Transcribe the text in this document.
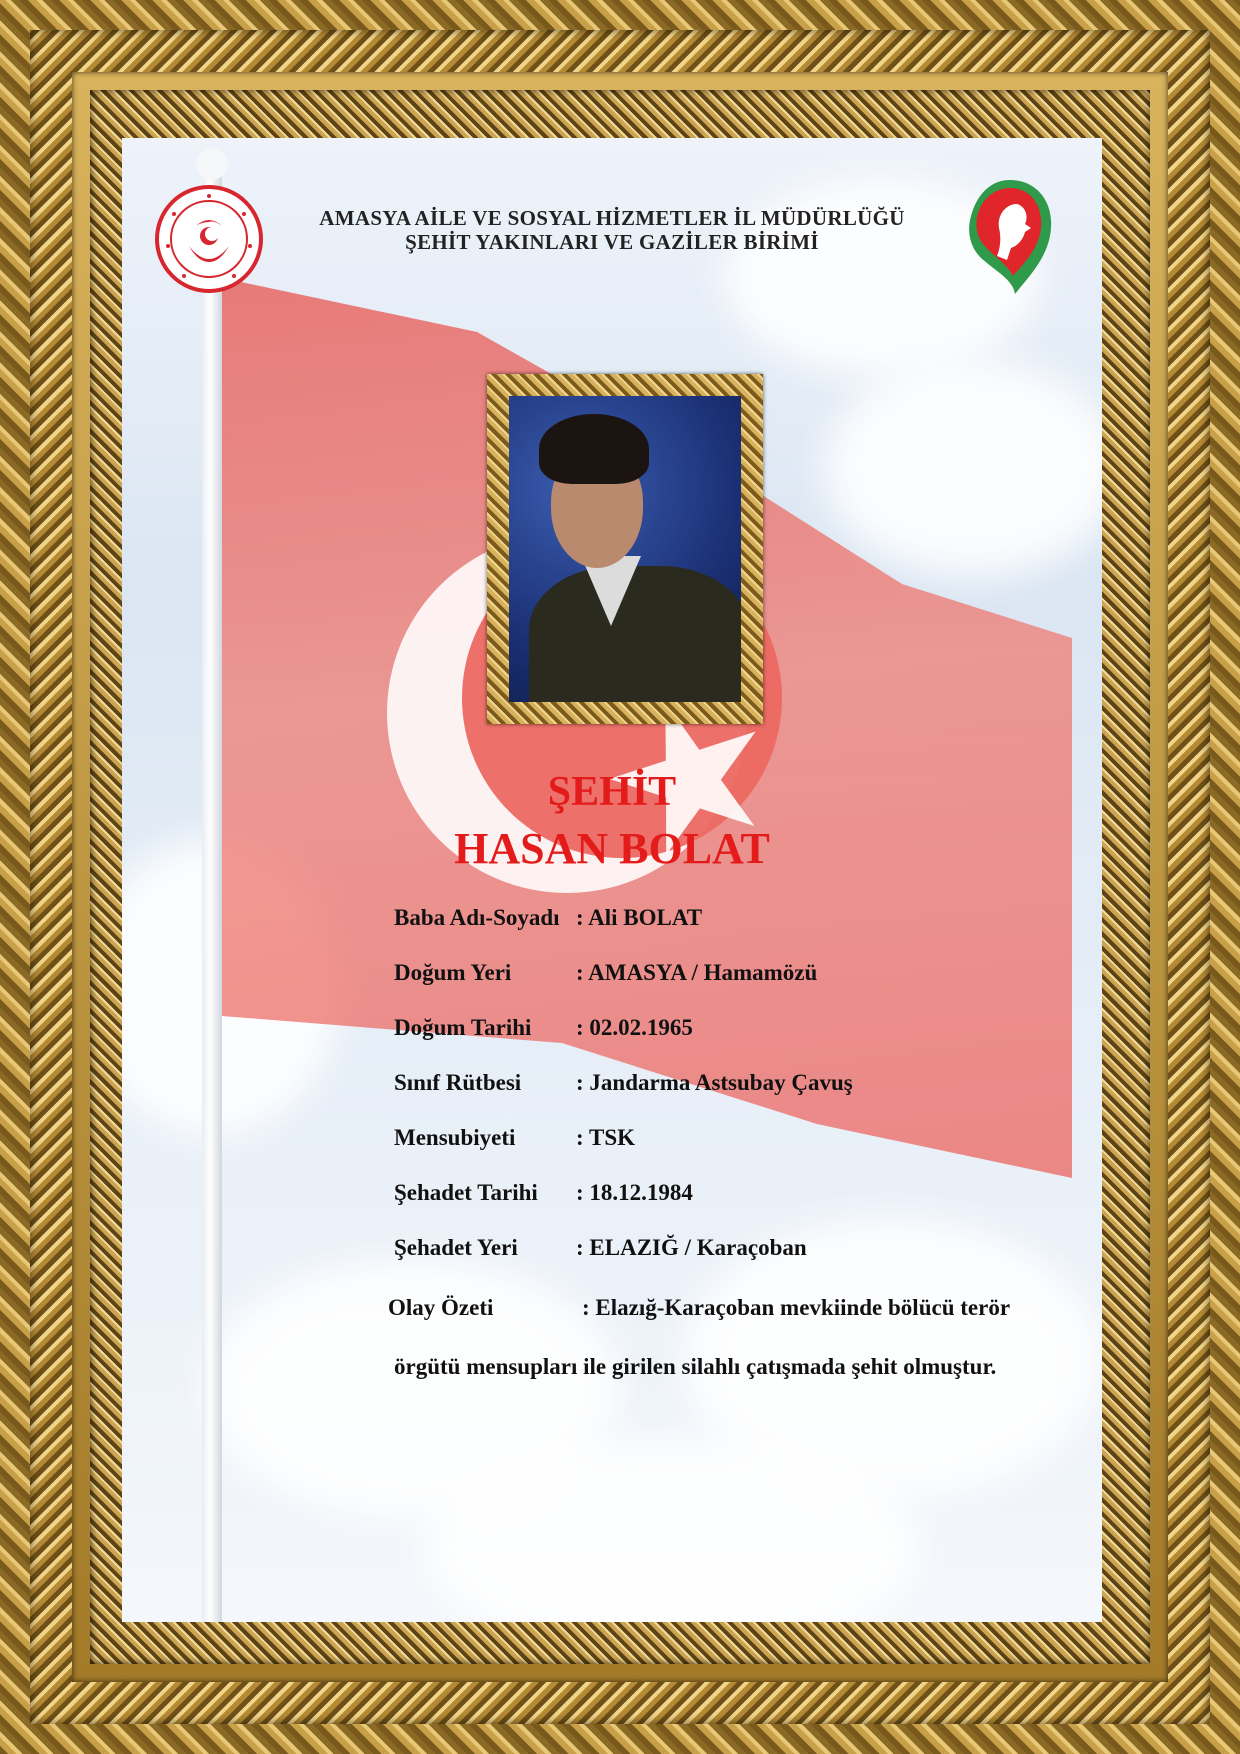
AMASYA AİLE VE SOSYAL HİZMETLER İL MÜDÜRLÜĞÜ
ŞEHİT YAKINLARI VE GAZİLER BİRİMİ
ŞEHİT
HASAN BOLAT
Baba Adı-Soyadı : Ali BOLAT
Doğum Yeri	: AMASYA / Hamamözü
Doğum Tarihi : 02.02.1965
Sınıf Rütbesi : Jandarma Astsubay Çavuş
Mensubiyeti	: TSK
Şehadet Tarihi : 18.12.1984
Şehadet Yeri	: ELAZIĞ / Karaçoban
Olay Özeti	: Elazığ-Karaçoban mevkiinde bölücü terör
örgütü mensupları ile girilen silahlı çatışmada şehit olmuştur.
